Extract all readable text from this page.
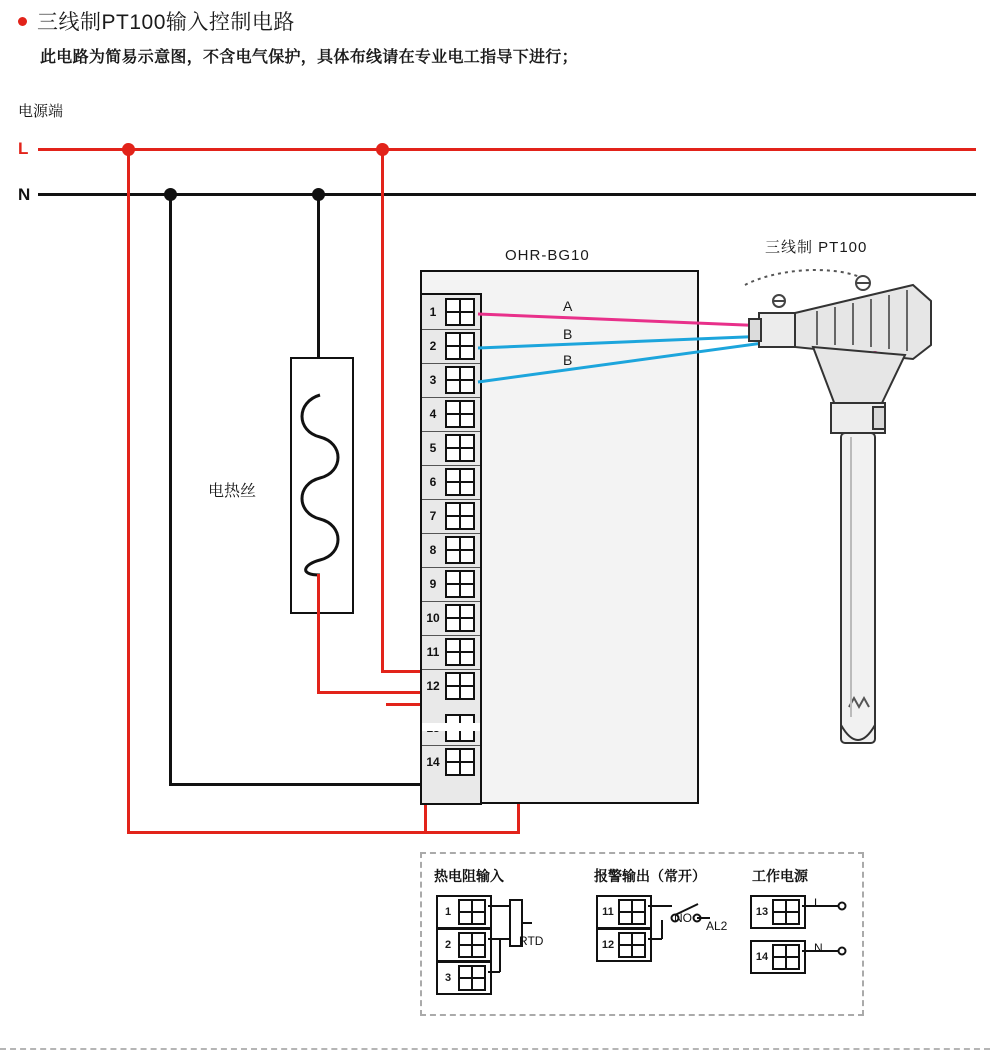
三线制PT100输入控制电路
此电路为简易示意图，不含电气保护，具体布线请在专业电工指导下进行；
电源端
L
N
电热丝
OHR-BG10
1
2
3
4
5
6
7
8
9
10
11
12
14
A
B
B
三线制 PT100
热电阻输入
1
2
3
RTD
报警输出（常开）
11
12
NO
AL2
工作电源
13
14
L
N
